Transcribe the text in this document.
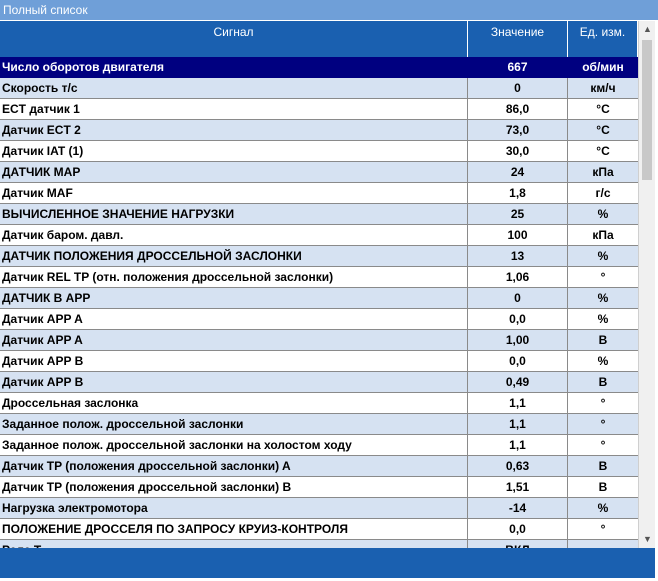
Полный список
Сигнал	Значение	Ед. изм.
Число оборотов двигателя	667	об/мин
Скорость т/с	0	км/ч
ECT датчик 1	86,0	°C
Датчик ECT 2	73,0	°C
Датчик IAT (1)	30,0	°C
ДАТЧИК MAP	24	кПа
Датчик MAF	1,8	г/с
ВЫЧИСЛЕННОЕ ЗНАЧЕНИЕ НАГРУЗКИ	25	%
Датчик баром. давл.	100	кПа
ДАТЧИК ПОЛОЖЕНИЯ ДРОССЕЛЬНОЙ ЗАСЛОНКИ	13	%
Датчик REL TP (отн. положения дроссельной заслонки)	1,06	°
ДАТЧИК В APP	0	%
Датчик APP A	0,0	%
Датчик APP A	1,00	В
Датчик APP B	0,0	%
Датчик APP B	0,49	В
Дроссельная заслонка	1,1	°
Заданное полож. дроссельной заслонки	1,1	°
Заданное полож. дроссельной заслонки на холостом ходу	1,1	°
Датчик TP (положения дроссельной заслонки) A	0,63	В
Датчик TP (положения дроссельной заслонки) B	1,51	В
Нагрузка электромотора	-14	%
ПОЛОЖЕНИЕ ДРОССЕЛЯ ПО ЗАПРОСУ КРУИЗ-КОНТРОЛЯ	0,0	°
▲
▼
